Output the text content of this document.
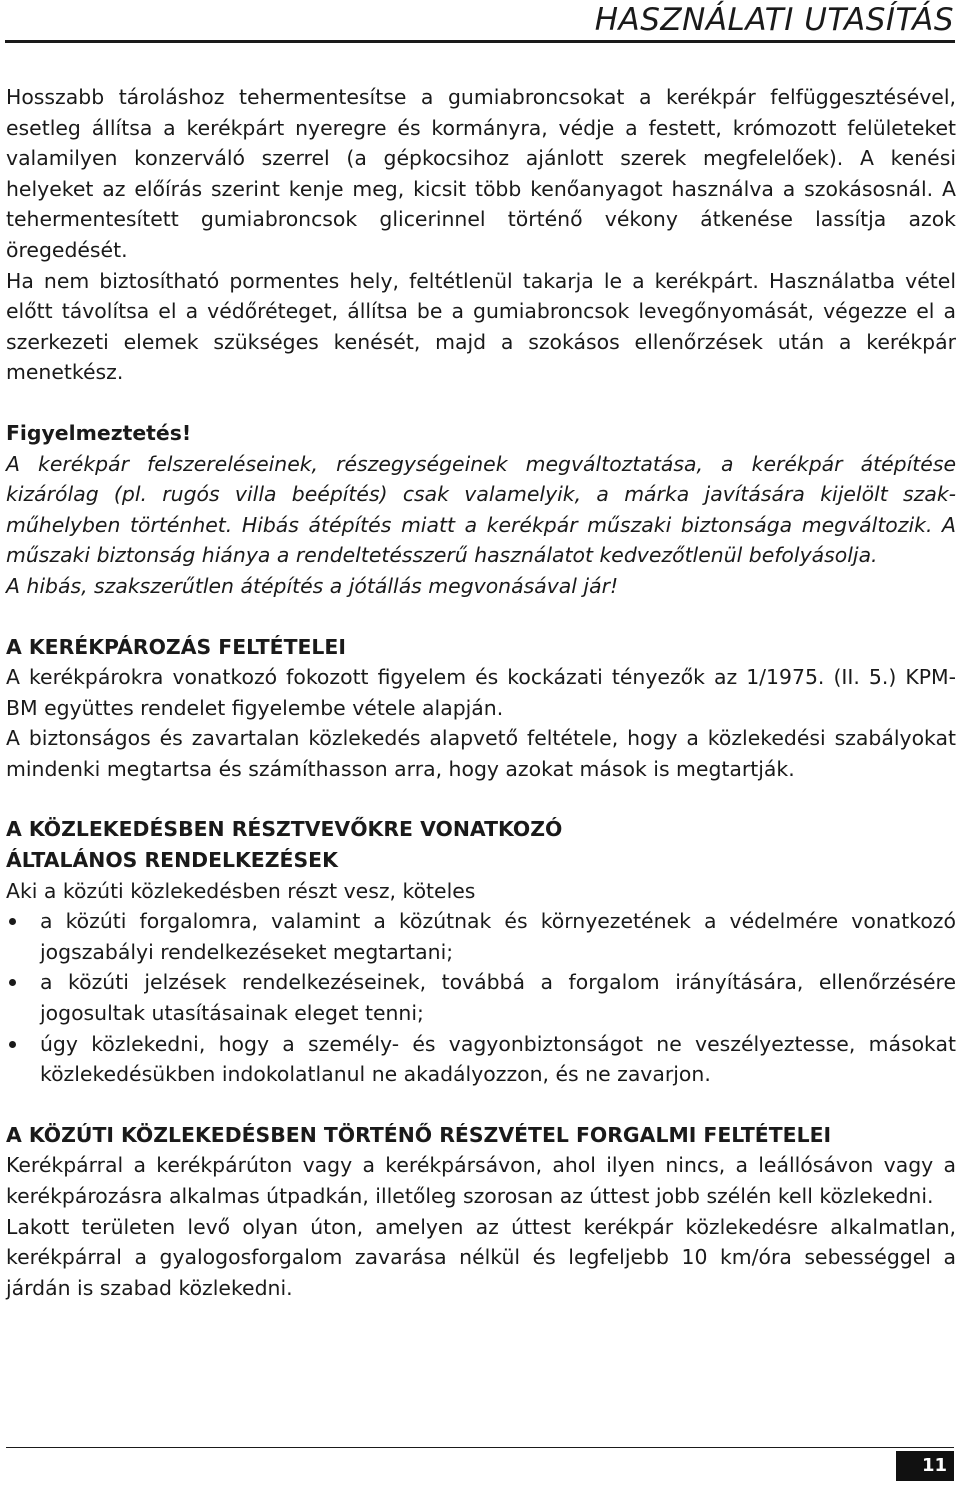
HASZNÁLATI UTASÍTÁS

Hosszabb tároláshoz tehermentesítse a gumiabroncsokat a kerékpár felfüggesztésével, esetleg állítsa a kerékpárt nyeregre és kormányra, védje a festett, krómozott felületeket valamilyen konzerváló szerrel (a gépkocsihoz ajánlott szerek megfelelőek). A kenési helyeket az előírás szerint kenje meg, kicsit több kenőanyagot használva a szokásosnál. A tehermentesített gumiabroncsok glicerinnel történő vékony átkenése lassítja azok öregedését.

Ha nem biztosítható pormentes hely, feltétlenül takarja le a kerékpárt. Használatba vétel előtt távolítsa el a védőréteget, állítsa be a gumiabroncsok levegőnyomását, végezze el a szerkezeti elemek szükséges kenését, majd a szokásos ellenőrzések után a kerékpár menetkész.

Figyelmeztetés!

A kerékpár felszereléseinek, részegységeinek megváltoztatása, a kerékpár átépítése kizárólag (pl. rugós villa beépítés) csak valamelyik, a márka javítására kijelölt szakműhelyben történhet. Hibás átépítés miatt a kerékpár műszaki biztonsága megváltozik. A műszaki biztonság hiánya a rendeltetésszerű használatot kedvezőtlenül befolyásolja.

A hibás, szakszerűtlen átépítés a jótállás megvonásával jár!

A KERÉKPÁROZÁS FELTÉTELEI

A kerékpárokra vonatkozó fokozott figyelem és kockázati tényezők az 1/1975. (II. 5.) KPM-BM együttes rendelet figyelembe vétele alapján.

A biztonságos és zavartalan közlekedés alapvető feltétele, hogy a közlekedési szabályokat mindenki megtartsa és számíthasson arra, hogy azokat mások is megtartják.

A KÖZLEKEDÉSBEN RÉSZTVEVŐKRE VONATKOZÓ
ÁLTALÁNOS RENDELKEZÉSEK

Aki a közúti közlekedésben részt vesz, köteles

a közúti forgalomra, valamint a közútnak és környezetének a védelmére vonatkozó jogszabályi rendelkezéseket megtartani;
a közúti jelzések rendelkezéseinek, továbbá a forgalom irányítására, ellenőrzésére jogosultak utasításainak eleget tenni;
úgy közlekedni, hogy a személy- és vagyonbiztonságot ne veszélyeztesse, másokat közlekedésükben indokolatlanul ne akadályozzon, és ne zavarjon.
A KÖZÚTI KÖZLEKEDÉSBEN TÖRTÉNŐ RÉSZVÉTEL FORGALMI FELTÉTELEI

Kerékpárral a kerékpárúton vagy a kerékpársávon, ahol ilyen nincs, a leállósávon vagy a kerékpározásra alkalmas útpadkán, illetőleg szorosan az úttest jobb szélén kell közlekedni.

Lakott területen levő olyan úton, amelyen az úttest kerékpár közlekedésre alkalmatlan, kerékpárral a gyalogosforgalom zavarása nélkül és legfeljebb 10 km/óra sebességgel a járdán is szabad közlekedni.

11
